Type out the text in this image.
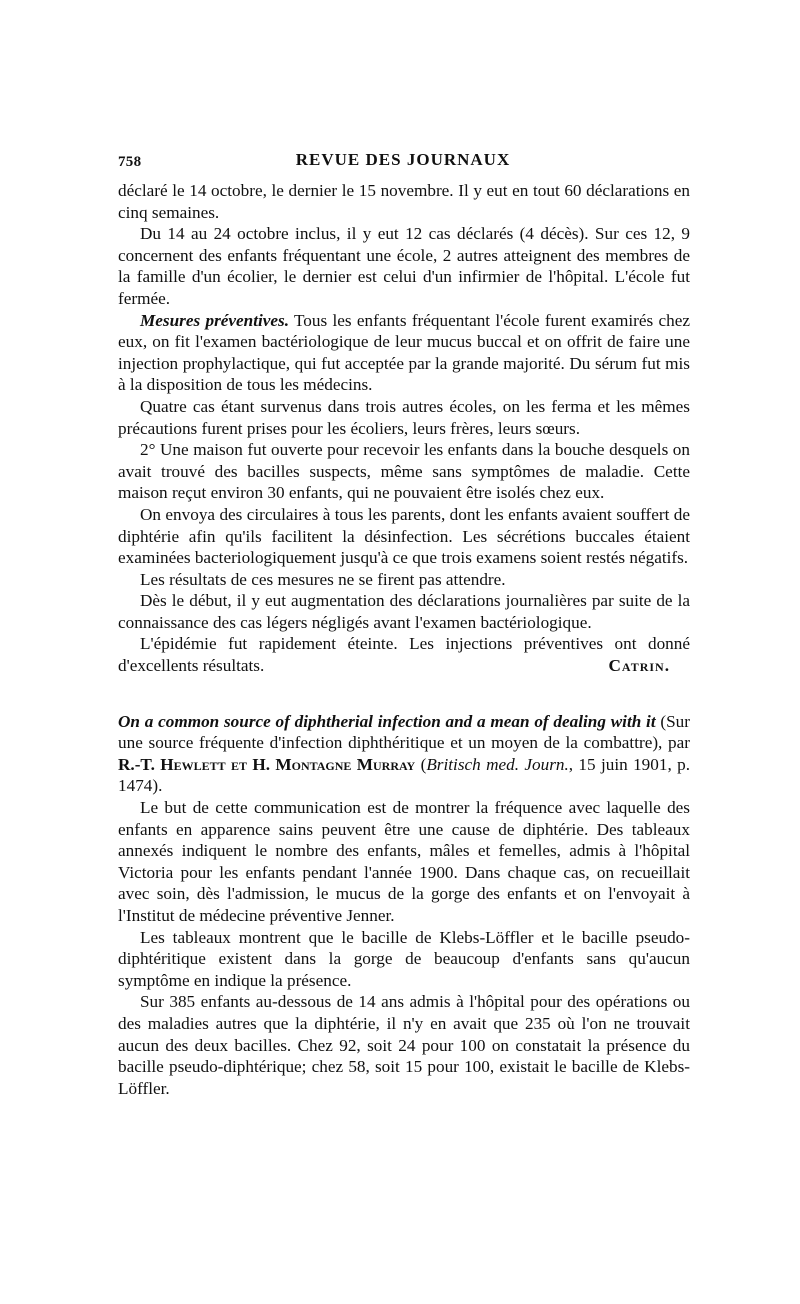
758	REVUE DES JOURNAUX

déclaré le 14 octobre, le dernier le 15 novembre. Il y eut en tout 60 déclarations en cinq semaines.

Du 14 au 24 octobre inclus, il y eut 12 cas déclarés (4 décès). Sur ces 12, 9 concernent des enfants fréquentant une école, 2 autres atteignent des membres de la famille d'un écolier, le dernier est celui d'un infirmier de l'hôpital. L'école fut fermée.

Mesures préventives. Tous les enfants fréquentant l'école furent examirés chez eux, on fit l'examen bactériologique de leur mucus buccal et on offrit de faire une injection prophylactique, qui fut acceptée par la grande majorité. Du sérum fut mis à la disposition de tous les médecins.

Quatre cas étant survenus dans trois autres écoles, on les ferma et les mêmes précautions furent prises pour les écoliers, leurs frères, leurs sœurs.

2° Une maison fut ouverte pour recevoir les enfants dans la bouche desquels on avait trouvé des bacilles suspects, même sans symptômes de maladie. Cette maison reçut environ 30 enfants, qui ne pouvaient être isolés chez eux.

On envoya des circulaires à tous les parents, dont les enfants avaient souffert de diphtérie afin qu'ils facilitent la désinfection. Les sécrétions buccales étaient examinées bacteriologiquement jusqu'à ce que trois examens soient restés négatifs.

Les résultats de ces mesures ne se firent pas attendre.

Dès le début, il y eut augmentation des déclarations journalières par suite de la connaissance des cas légers négligés avant l'examen bactériologique.

L'épidémie fut rapidement éteinte. Les injections préventives ont donné d'excellents résultats.	Catrin.

On a common source of diphtherial infection and a mean of dealing with it (Sur une source fréquente d'infection diphthéritique et un moyen de la combattre), par R.-T. Hewlett et H. Montagne Murray (Britisch med. Journ., 15 juin 1901, p. 1474).

Le but de cette communication est de montrer la fréquence avec laquelle des enfants en apparence sains peuvent être une cause de diphtérie. Des tableaux annexés indiquent le nombre des enfants, mâles et femelles, admis à l'hôpital Victoria pour les enfants pendant l'année 1900. Dans chaque cas, on recueillait avec soin, dès l'admission, le mucus de la gorge des enfants et on l'envoyait à l'Institut de médecine préventive Jenner.

Les tableaux montrent que le bacille de Klebs-Löffler et le bacille pseudo-diphtéritique existent dans la gorge de beaucoup d'enfants sans qu'aucun symptôme en indique la présence.

Sur 385 enfants au-dessous de 14 ans admis à l'hôpital pour des opérations ou des maladies autres que la diphtérie, il n'y en avait que 235 où l'on ne trouvait aucun des deux bacilles. Chez 92, soit 24 pour 100 on constatait la présence du bacille pseudo-diphtérique; chez 58, soit 15 pour 100, existait le bacille de Klebs-Löffler.
